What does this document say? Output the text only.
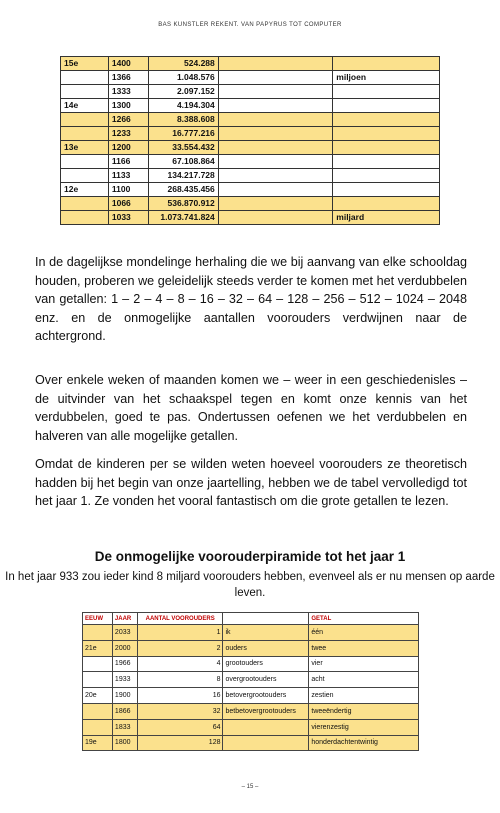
BAS KUNSTLER REKENT. VAN PAPYRUS TOT COMPUTER
15e	1400	524.288		
	1366	1.048.576		miljoen
	1333	2.097.152		
14e	1300	4.194.304		
	1266	8.388.608		
	1233	16.777.216		
13e	1200	33.554.432		
	1166	67.108.864		
	1133	134.217.728		
12e	1100	268.435.456		
	1066	536.870.912		
	1033	1.073.741.824		miljard

In de dagelijkse mondelinge herhaling die we bij aanvang van elke schooldag houden, proberen we geleidelijk steeds verder te komen met het verdubbelen van getallen: 1 – 2 – 4 – 8 – 16 – 32 – 64 – 128 – 256 – 512 – 1024 – 2048 enz. en de onmogelijke aantallen voorouders verdwijnen naar de achtergrond.

Over enkele weken of maanden komen we – weer in een geschiedenisles – de uitvinder van het schaakspel tegen en komt onze kennis van het verdubbelen, goed te pas. Ondertussen oefenen we het verdubbelen en halveren van alle mogelijke getallen.

Omdat de kinderen per se wilden weten hoeveel voorouders ze theoretisch hadden bij het begin van onze jaartelling, hebben we de tabel vervolledigd tot het jaar 1. Ze vonden het vooral fantastisch om die grote getallen te lezen.

De onmogelijke voorouderpiramide tot het jaar 1
In het jaar 933 zou ieder kind 8 miljard voorouders hebben, evenveel als er nu mensen op aarde leven.
EEUW	JAAR	AANTAL VOOROUDERS		GETAL
	2033	1	ik	één
21e	2000	2	ouders	twee
	1966	4	grootouders	vier
	1933	8	overgrootouders	acht
20e	1900	16	betovergrootouders	zestien
	1866	32	betbetovergrootouders	tweeëndertig
	1833	64		vierenzestig
19e	1800	128		honderdachtentwintig
– 15 –
